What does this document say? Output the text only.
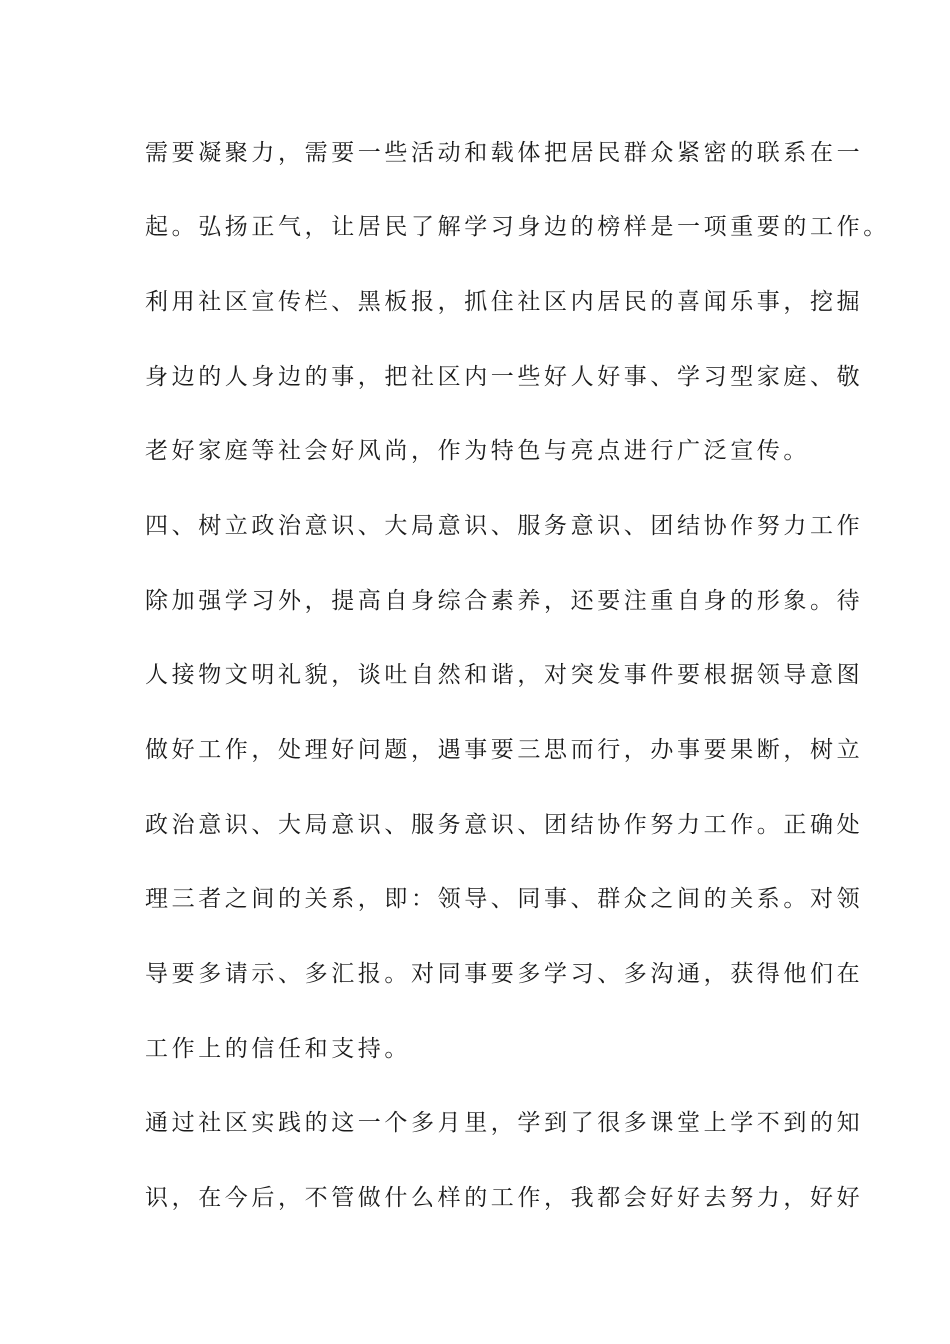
需要凝聚力，需要一些活动和载体把居民群众紧密的联系在一

起。弘扬正气，让居民了解学习身边的榜样是一项重要的工作。

利用社区宣传栏、黑板报，抓住社区内居民的喜闻乐事，挖掘

身边的人身边的事，把社区内一些好人好事、学习型家庭、敬

老好家庭等社会好风尚，作为特色与亮点进行广泛宣传。

四、树立政治意识、大局意识、服务意识、团结协作努力工作

除加强学习外，提高自身综合素养，还要注重自身的形象。待

人接物文明礼貌，谈吐自然和谐，对突发事件要根据领导意图

做好工作，处理好问题，遇事要三思而行，办事要果断，树立

政治意识、大局意识、服务意识、团结协作努力工作。正确处

理三者之间的关系，即：领导、同事、群众之间的关系。对领

导要多请示、多汇报。对同事要多学习、多沟通，获得他们在

工作上的信任和支持。

通过社区实践的这一个多月里，学到了很多课堂上学不到的知

识，在今后，不管做什么样的工作，我都会好好去努力，好好
